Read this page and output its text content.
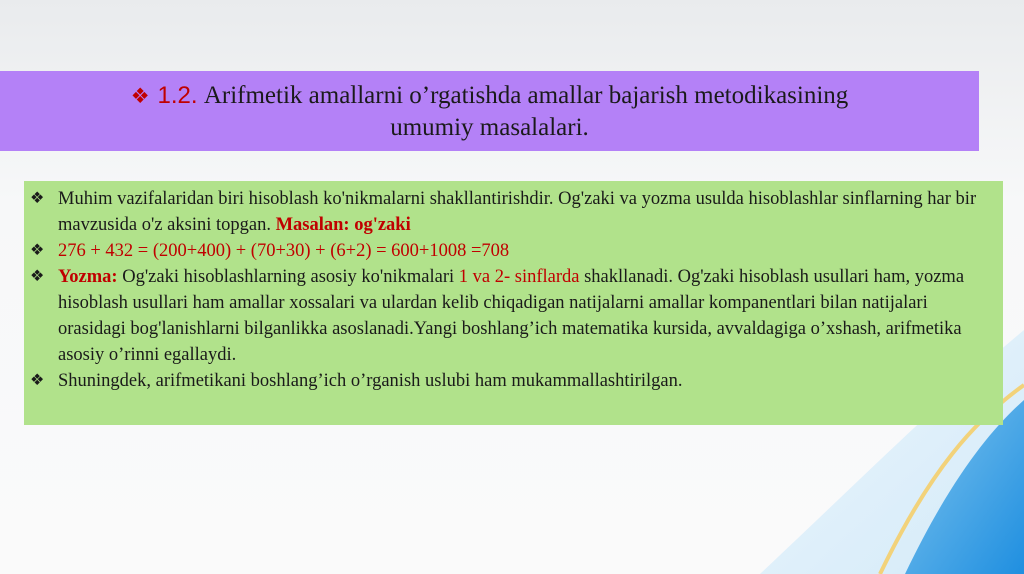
❖ 1.2. Arifmetik amallarni o’rgatishda amallar bajarish metodikasining
umumiy masalalari.
❖ Muhim vazifalaridan biri hisoblash ko'nikmalarni shakllantirishdir. Og'zaki va yozma usulda hisoblashlar sinflarning har bir mavzusida o'z aksini topgan. Masalan: og'zaki
❖ 276 + 432 = (200+400) + (70+30) + (6+2) = 600+1008 =708
❖ Yozma: Og'zaki hisoblashlarning asosiy ko'nikmalari 1 va 2- sinflarda shakllanadi. Og'zaki hisoblash usullari ham, yozma hisoblash usullari ham amallar xossalari va ulardan kelib chiqadigan natijalarni amallar kompanentlari bilan natijalari orasidagi bog'lanishlarni bilganlikka asoslanadi.Yangi boshlang’ich matematika kursida, avvaldagiga o’xshash, arifmetika asosiy o’rinni egallaydi.
❖ Shuningdek, arifmetikani boshlang’ich o’rganish uslubi ham mukammallashtirilgan.
